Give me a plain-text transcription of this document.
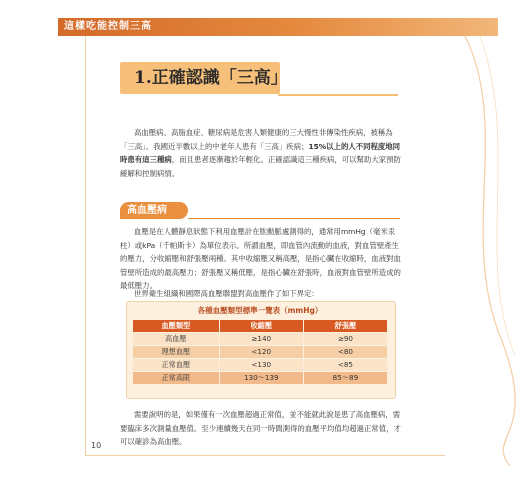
這樣吃能控制三高
1.正確認識「三高」

高血壓病、高脂血症、糖尿病是危害人類健康的三大慢性非傳染性疾病，被稱為「三高」。我國近半數以上的中老年人患有「三高」疾病；15%以上的人不同程度地同時患有這三種病，而且患者逐漸趨於年輕化。正確認識這三種疾病，可以幫助大家預防緩解和控制病情。

高血壓病

血壓是在人體靜息狀態下利用血壓計在肱動脈處測得的，通常用mmHg（毫米汞柱）或kPa（千帕斯卡）為單位表示。所謂血壓，即血管內流動的血液，對血管壁產生的壓力，分收縮壓和舒張壓兩種。其中收縮壓又稱高壓，是指心臟在收縮時，血液對血管壁所造成的最高壓力；舒張壓又稱低壓，是指心臟在舒張時，血液對血管壁所造成的最低壓力。

世界衛生組織和國際高血壓聯盟對高血壓作了如下界定：

各種血壓類型標準一覽表（mmHg）
血壓類型	收縮壓	舒張壓
高血壓	≥140	≥90
理想血壓	<120	<80
正常血壓	<130	<85
正常高限	130～139	85～89

需要說明的是，如果僅有一次血壓超過正常值，並不能就此說是患了高血壓病，需要臨床多次測量血壓值。至少連續幾天在同一時間測得的血壓平均值均超過正常值，才可以確診為高血壓。

10
